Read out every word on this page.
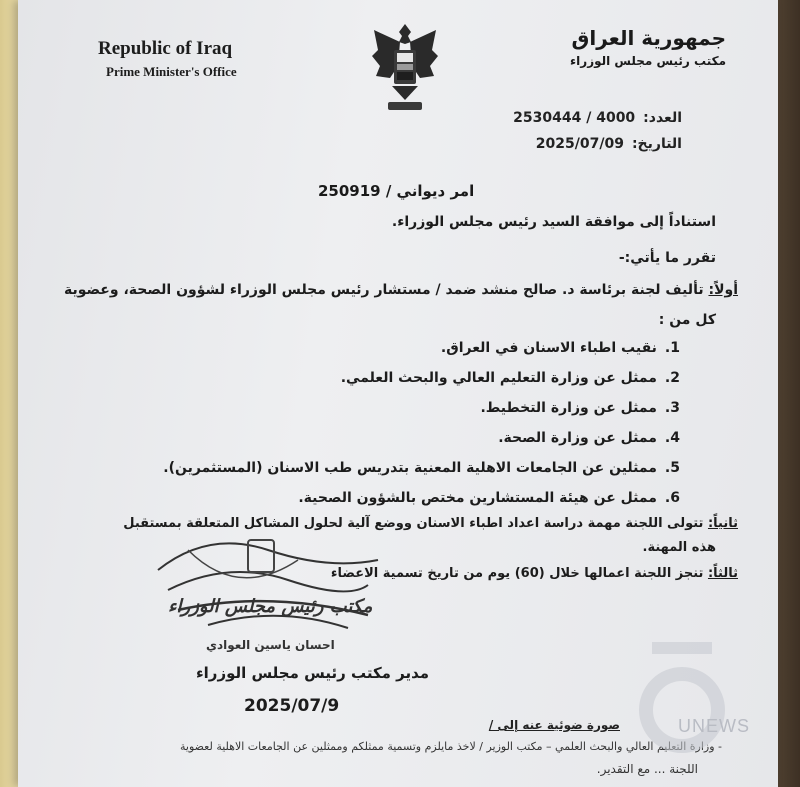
Republic of Iraq
Prime Minister's Office
جمهورية العراق
مكتب رئيس مجلس الوزراء
العدد:2530444 / 4000
التاريخ:2025/07/09
امر ديواني / 250919
استناداً إلى موافقة السيد رئيس مجلس الوزراء.
تقرر ما يأتي:-
أولاً: تأليف لجنة برئاسة د. صالح منشد ضمد / مستشار رئيس مجلس الوزراء لشؤون الصحة، وعضوية
كل من :
1.نقيب اطباء الاسنان في العراق.
2.ممثل عن وزارة التعليم العالي والبحث العلمي.
3.ممثل عن وزارة التخطيط.
4.ممثل عن وزارة الصحة.
5.ممثلين عن الجامعات الاهلية المعنية بتدريس طب الاسنان (المستثمرين).
6.ممثل عن هيئة المستشارين مختص بالشؤون الصحية.
ثانياً: تتولى اللجنة مهمة دراسة اعداد اطباء الاسنان ووضع آلية لحلول المشاكل المتعلقة بمستقبل
هذه المهنة.
ثالثاً: تنجز اللجنة اعمالها خلال (60) يوم من تاريخ تسمية الاعضاء
مكتب رئيس مجلس الوزراء
احسان ياسين العوادي
مدير مكتب رئيس مجلس الوزراء
2025/07/9
صورة ضوئية عنه إلى /
- وزارة التعليم العالي والبحث العلمي – مكتب الوزير / لاخذ مايلزم وتسمية ممثلكم وممثلين عن الجامعات الاهلية لعضوية
اللجنة ... مع التقدير.
UNEWS
